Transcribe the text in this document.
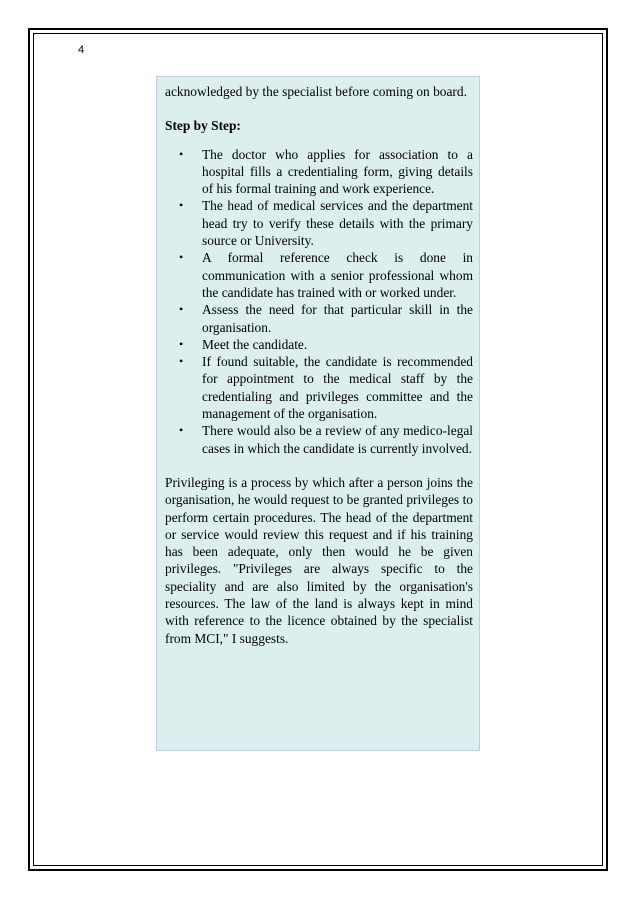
4

acknowledged by the specialist before coming on board.

Step by Step:

• The doctor who applies for association to a hospital fills a credentialing form, giving details of his formal training and work experience.
• The head of medical services and the department head try to verify these details with the primary source or University.
• A formal reference check is done in communication with a senior professional whom the candidate has trained with or worked under.
• Assess the need for that particular skill in the organisation.
• Meet the candidate.
• If found suitable, the candidate is recommended for appointment to the medical staff by the credentialing and privileges committee and the management of the organisation.
• There would also be a review of any medico-legal cases in which the candidate is currently involved.

Privileging is a process by which after a person joins the organisation, he would request to be granted privileges to perform certain procedures. The head of the department or service would review this request and if his training has been adequate, only then would he be given privileges. "Privileges are always specific to the speciality and are also limited by the organisation's resources. The law of the land is always kept in mind with reference to the licence obtained by the specialist from MCI," I suggests.
